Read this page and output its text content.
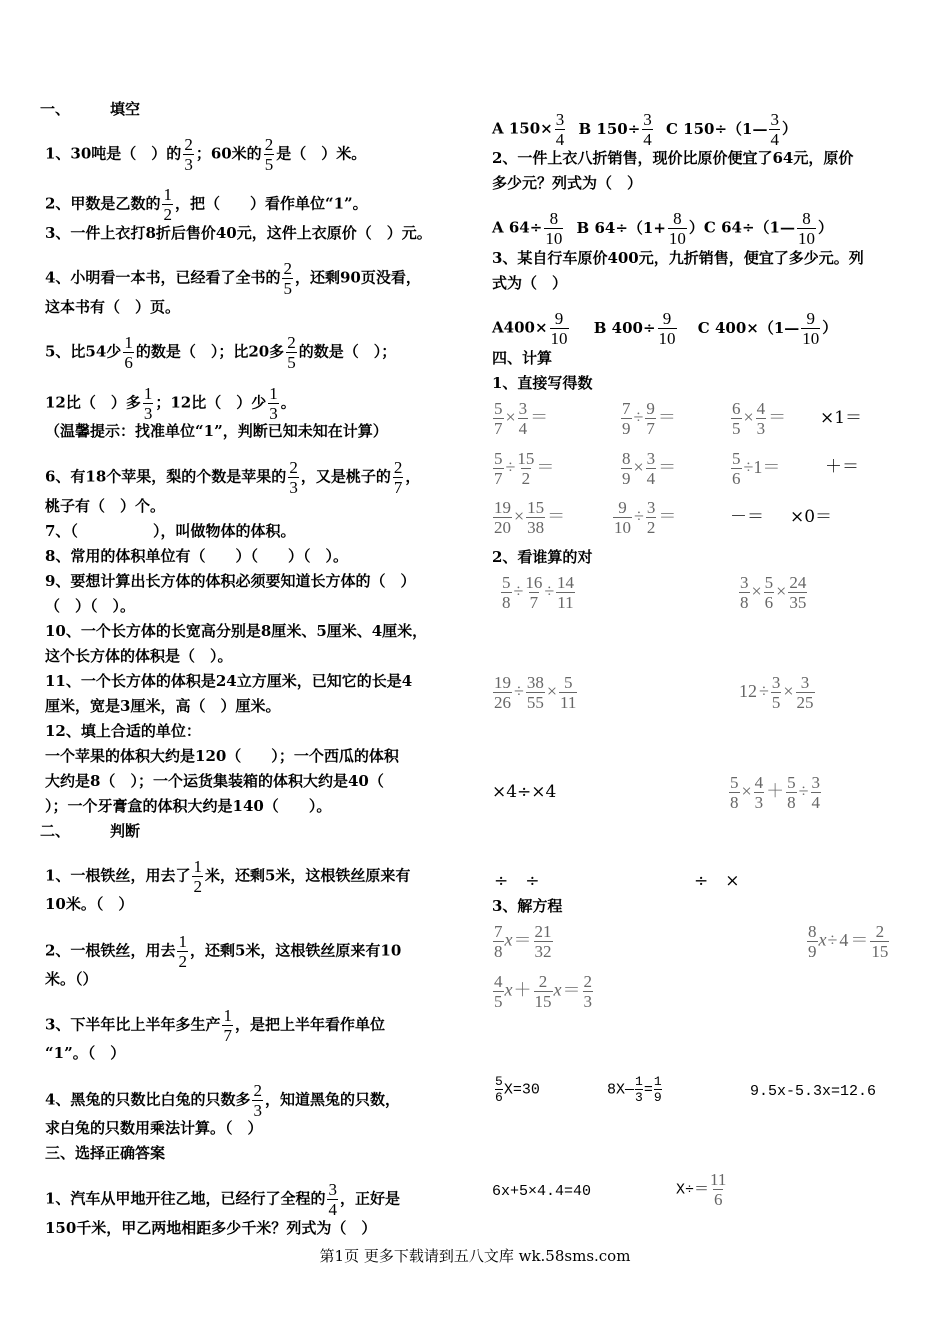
一、	填空
1、30吨是（　）的 $\frac{2}{3}$ ；60米的 $\frac{2}{5}$ 是（　）米。
2、甲数是乙数的 $\frac{1}{2}$ ，把（　　）看作单位“1”。
3、一件上衣打8折后售价40元，这件上衣原价（　）元。
4、小明看一本书，已经看了全书的 $\frac{2}{5}$ ，还剩90页没看，
这本书有（　）页。
5、比54少 $\frac{1}{6}$ 的数是（　）；比20多 $\frac{2}{5}$ 的数是（　）；
12比（　）多 $\frac{1}{3}$ ；12比（　）少 $\frac{1}{3}$ 。
（温馨提示：找准单位“1”，判断已知未知在计算）
6、有18个苹果，梨的个数是苹果的 $\frac{2}{3}$ ，又是桃子的 $\frac{2}{7}$ ，
桃子有（　）个。
7、（　　　　　），叫做物体的体积。
8、常用的体积单位有（　　）（　　）（　）。
9、要想计算出长方体的体积必须要知道长方体的（　）
（　）（　）。
10、一个长方体的长宽高分别是8厘米、5厘米、4厘米，
这个长方体的体积是（　）。
11、一个长方体的体积是24立方厘米，已知它的长是4
厘米，宽是3厘米，高（　）厘米。
12、填上合适的单位：
一个苹果的体积大约是120（　　）；一个西瓜的体积
大约是8（　）；一个运货集装箱的体积大约是40（
）；一个牙膏盒的体积大约是140（　　）。
二、	判断
1、一根铁丝，用去了 $\frac{1}{2}$ 米，还剩5米，这根铁丝原来有
10米。（　）
2、一根铁丝，用去 $\frac{1}{2}$ ，还剩5米，这根铁丝原来有10
米。（）
3、下半年比上半年多生产 $\frac{1}{7}$ ，是把上半年看作单位
“1”。（　）
4、黑兔的只数比白兔的只数多 $\frac{2}{3}$ ，知道黑兔的只数，
求白兔的只数用乘法计算。（　）
三、选择正确答案
1、汽车从甲地开往乙地，已经行了全程的 $\frac{3}{4}$ ，正好是
150千米，甲乙两地相距多少千米？列式为（　）
A $150\times \frac{3}{4}$ B $150\div \frac{3}{4}$ C 150÷（1— $\frac{3}{4}$ ）
2、一件上衣八折销售，现价比原价便宜了64元，原价
多少元？列式为（　）
A $64\div \frac{8}{10}$ B $64\div(1+ \frac{8}{10} )C$ 64÷（1— $\frac{8}{10}$ ）
3、某自行车原价400元，九折销售，便宜了多少元。列
式为（　）
$A400\times \frac{9}{10}$ B $400\div \frac{9}{10}$ C 400×（1— $\frac{9}{10}$ ）
四、计算
1、直接写得数
$\frac{5}{7} \times \frac{3}{4}$ ＝	$\frac{7}{9} \div \frac{9}{7}$ ＝	$\frac{6}{5} \times \frac{4}{3} = \times 1=$
$\frac{5}{7} \div \frac{15}{2}$ ＝	$\frac{8}{9} \times \frac{3}{4}$ ＝	$\frac{5}{6} \div 1=$	＋＝
$\frac{19}{20} \times \frac{15}{38}$ ＝	$\frac{9}{10} \div \frac{3}{2}$ ＝	－＝ ×0＝
2、看谁算的对
$\frac{5}{8} \div \frac{16}{7} \div \frac{14}{11}$	$\frac{3}{8} \times \frac{5}{6} \times \frac{24}{35}$
$\frac{19}{26} \div \frac{38}{55} \times \frac{5}{11}$	$12 \div \frac{3}{5} \times \frac{3}{25}$
×4÷×4	$\frac{5}{8} \times \frac{4}{3} + \frac{5}{8} \div \frac{3}{4}$
÷　÷	÷　×
3、解方程
$\frac{7}{8} x= \frac{21}{32}$	$\frac{8}{9} x\div 4 = \frac{2}{15}$
$\frac{4}{5} x+ \frac{2}{15} x= \frac{2}{3}$
$\frac{5}{6} X=30$	8X— $\frac{1}{3} = \frac{1}{9}$	9.5x-5.3x=12.6
6x+5×4.4=40	$X\div= \frac{11}{6}$
第1页 更多下载请到五八文库 wk.58sms.com
